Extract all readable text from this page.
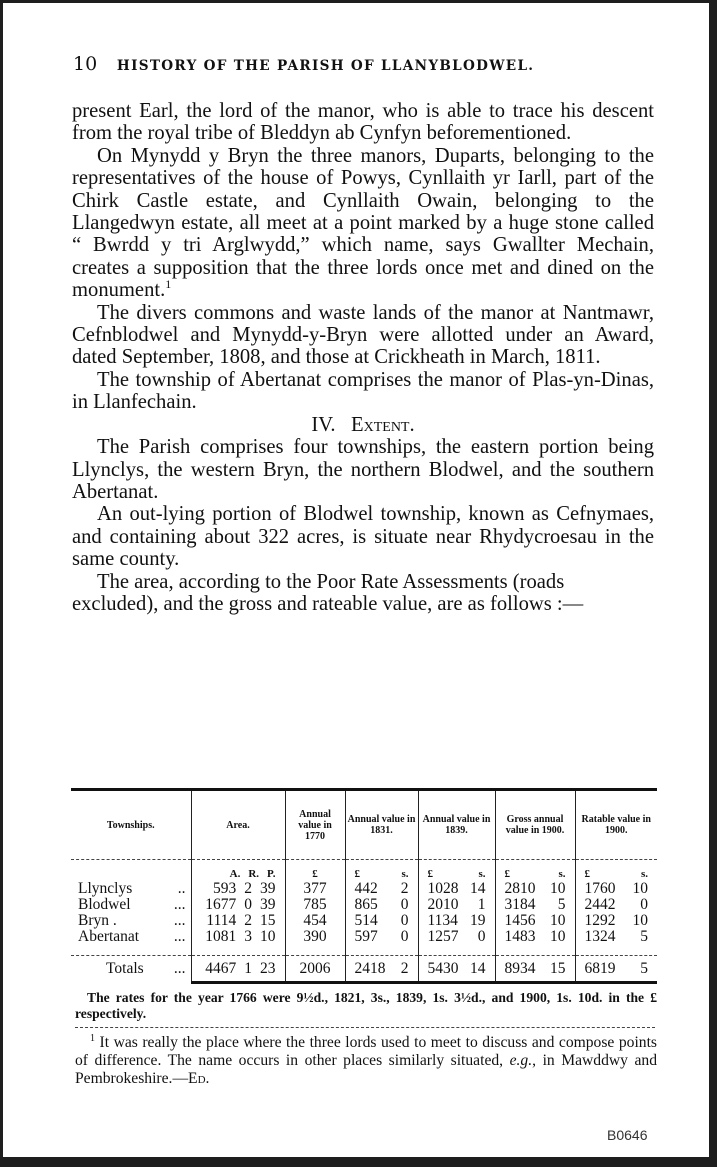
10 HISTORY OF THE PARISH OF LLANYBLODWEL.

present Earl, the lord of the manor, who is able to trace his descent from the royal tribe of Bleddyn ab Cynfyn beforementioned.

On Mynydd y Bryn the three manors, Duparts, belonging to the representatives of the house of Powys, Cynllaith yr Iarll, part of the Chirk Castle estate, and Cynllaith Owain, belonging to the Llangedwyn estate, all meet at a point marked by a huge stone called “ Bwrdd y tri Arglwydd,” which name, says Gwallter Mechain, creates a supposition that the three lords once met and dined on the monument.$^1$

The divers commons and waste lands of the manor at Nantmawr, Cefnblodwel and Mynydd-y-Bryn were allotted under an Award, dated September, 1808, and those at Crickheath in March, 1811.

The township of Abertanat comprises the manor of Plas-yn-Dinas, in Llanfechain.

IV. Extent.

The Parish comprises four townships, the eastern portion being Llynclys, the western Bryn, the northern Blodwel, and the southern Abertanat.

An out-lying portion of Blodwel township, known as Cefnymaes, and containing about 322 acres, is situate near Rhydycroesau in the same county.

The area, according to the Poor Rate Assessments (roads excluded), and the gross and rateable value, are as follows :—

Townships.	Area.	Annual value in 1770	Annual value in 1831.	Annual value in 1839.	Gross annual value in 1900.	Ratable value in 1900.

	A. R. P.	£	£ s.	£ s.	£ s.	£ s.

Llynclys ..	593 2 39	377	442 2	1028 14	2810 10	1760 10

Blodwel ...	1677 0 39	785	865 0	2010 1	3184 5	2442 0

Bryn . ...	1114 2 15	454	514 0	1134 19	1456 10	1292 10

Abertanat ...	1081 3 10	390	597 0	1257 0	1483 10	1324 5

Totals ...	4467 1 23	2006	2418 2	5430 14	8934 15	6819 5
The rates for the year 1766 were 9½d., 1821, 3s., 1839, 1s. 3½d., and 1900, 1s. 10d. in the £ respectively.
$^1$ It was really the place where the three lords used to meet to discuss and compose points of difference. The name occurs in other places similarly situated, e.g., in Mawddwy and Pembrokeshire.—Ed.
B0646
